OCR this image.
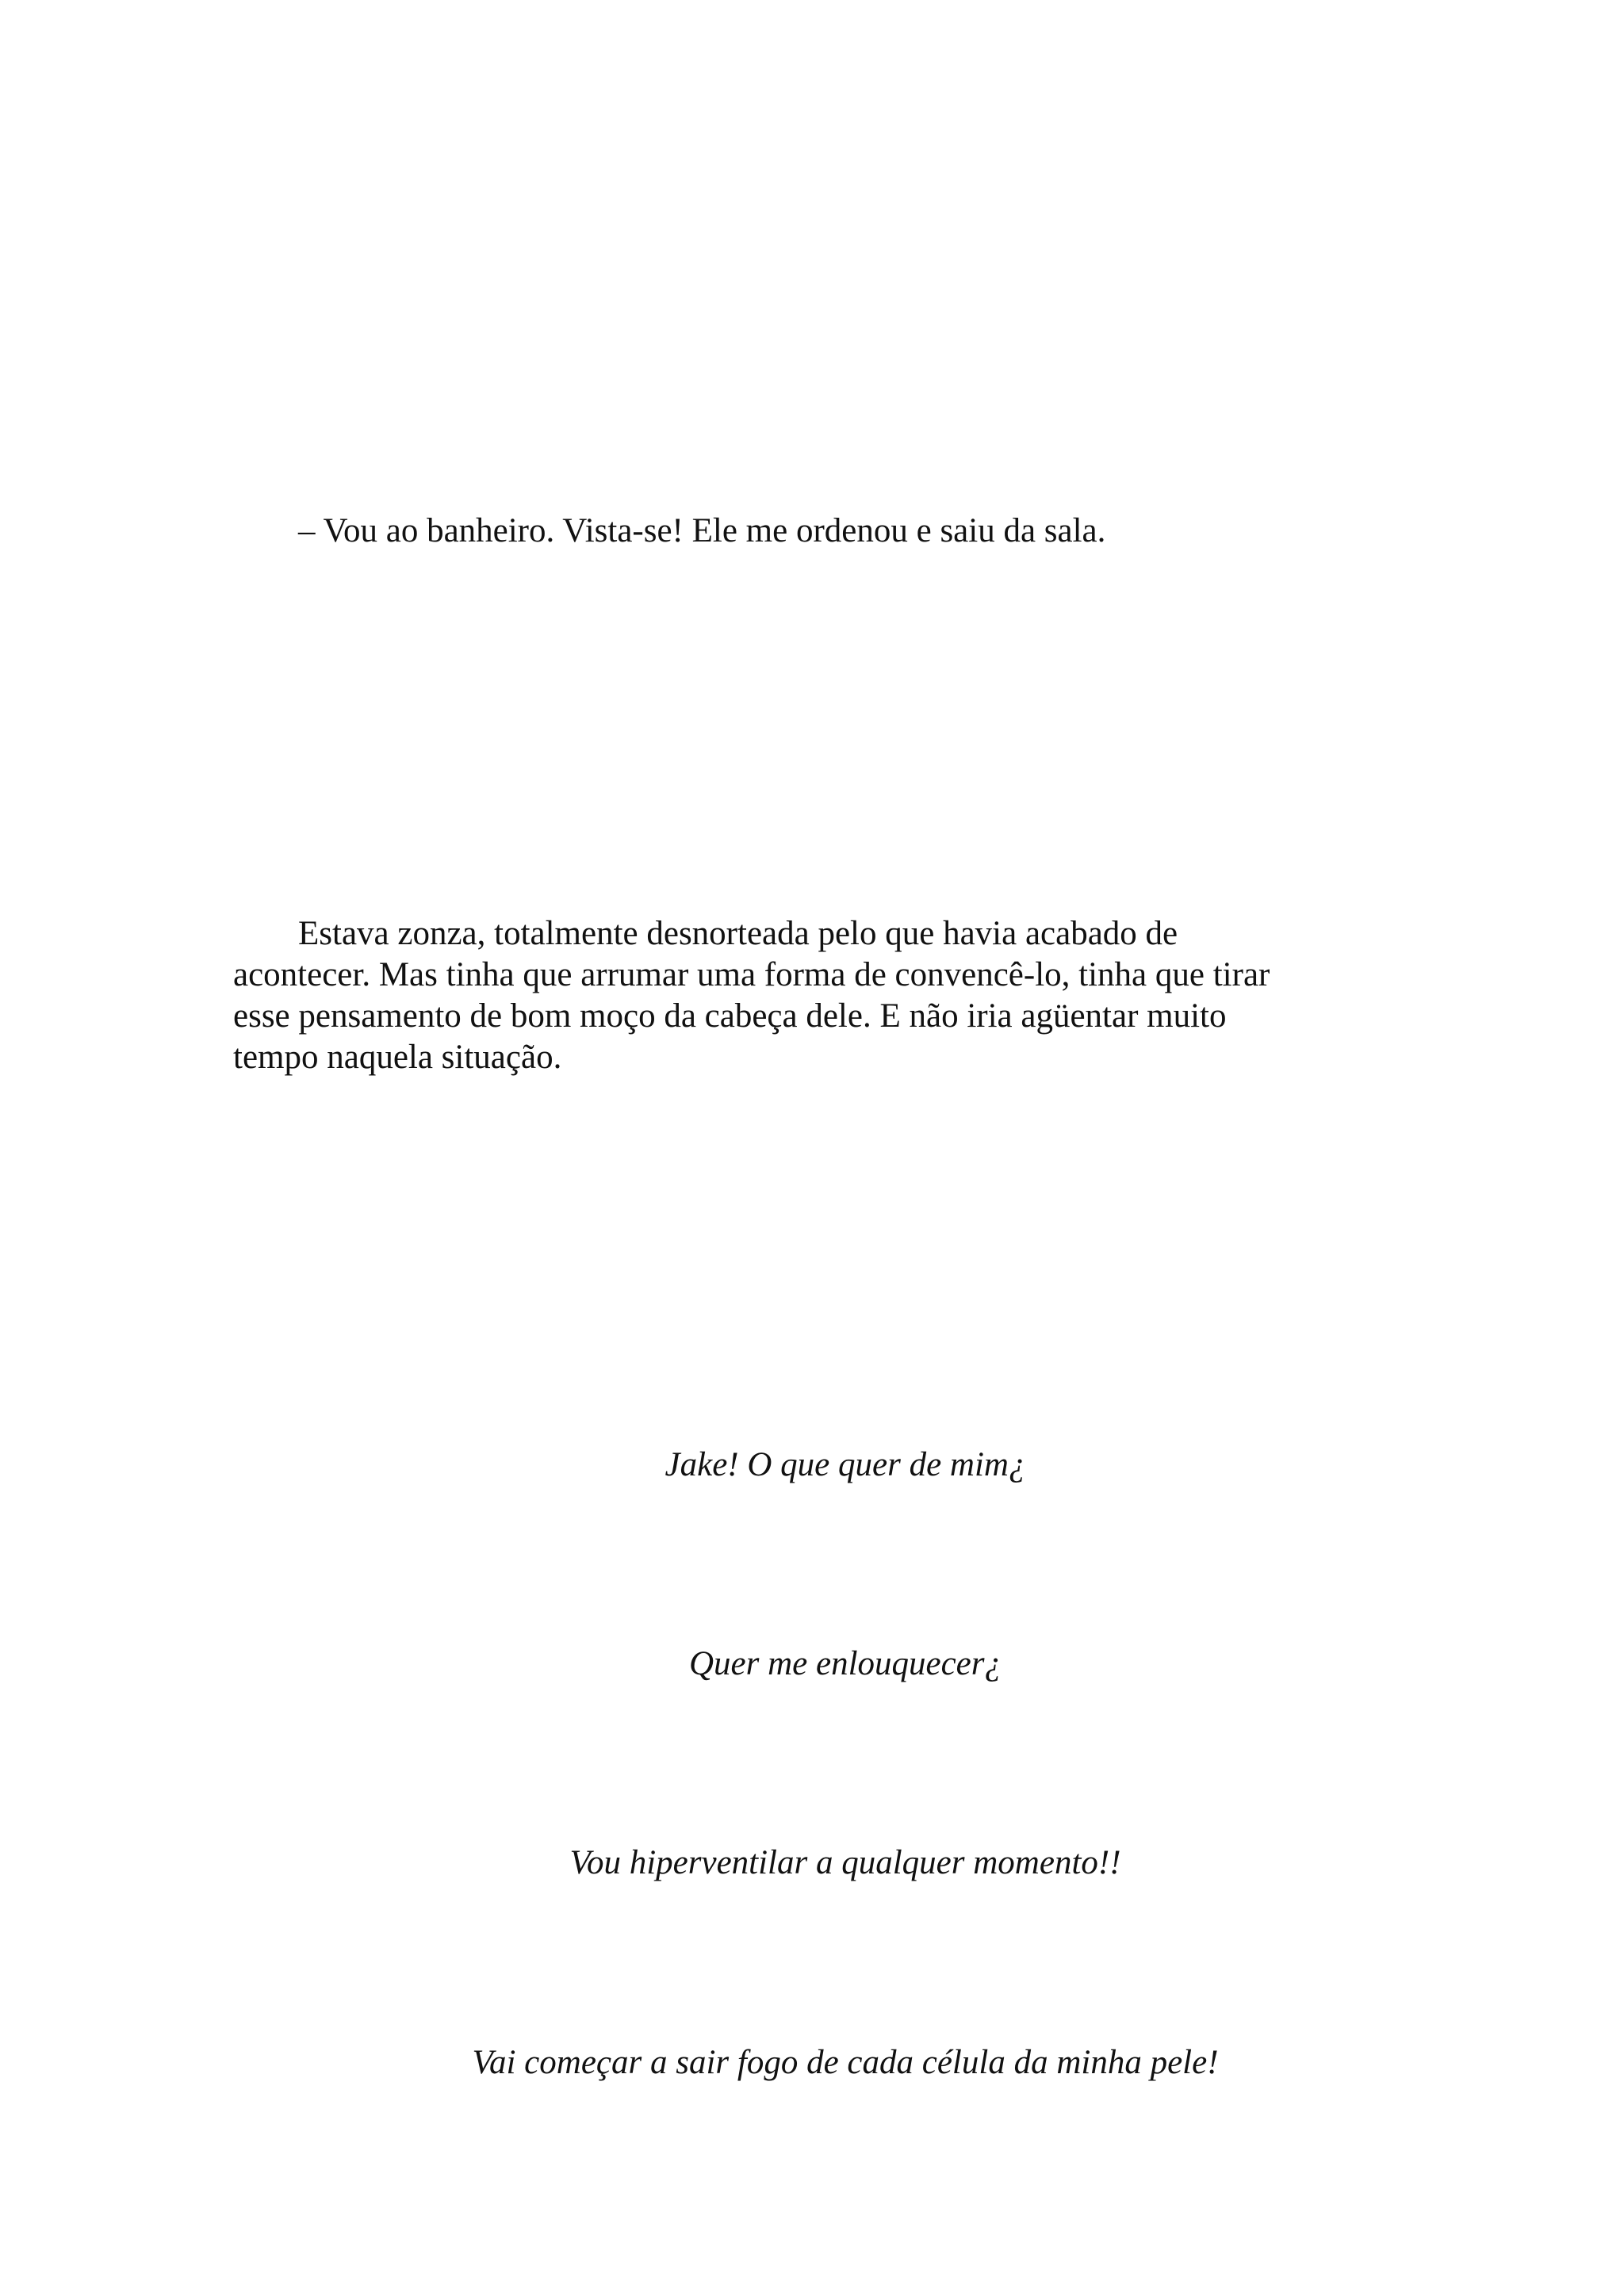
– Vou ao banheiro. Vista-se! Ele me ordenou e saiu da sala.

Estava zonza, totalmente desnorteada pelo que havia acabado de
acontecer. Mas tinha que arrumar uma forma de convencê-lo, tinha que tirar
esse pensamento de bom moço da cabeça dele. E não iria agüentar muito
tempo naquela situação.

Jake! O que quer de mim¿

Quer me enlouquecer¿

Vou hiperventilar a qualquer momento!!

Vai começar a sair fogo de cada célula da minha pele!
